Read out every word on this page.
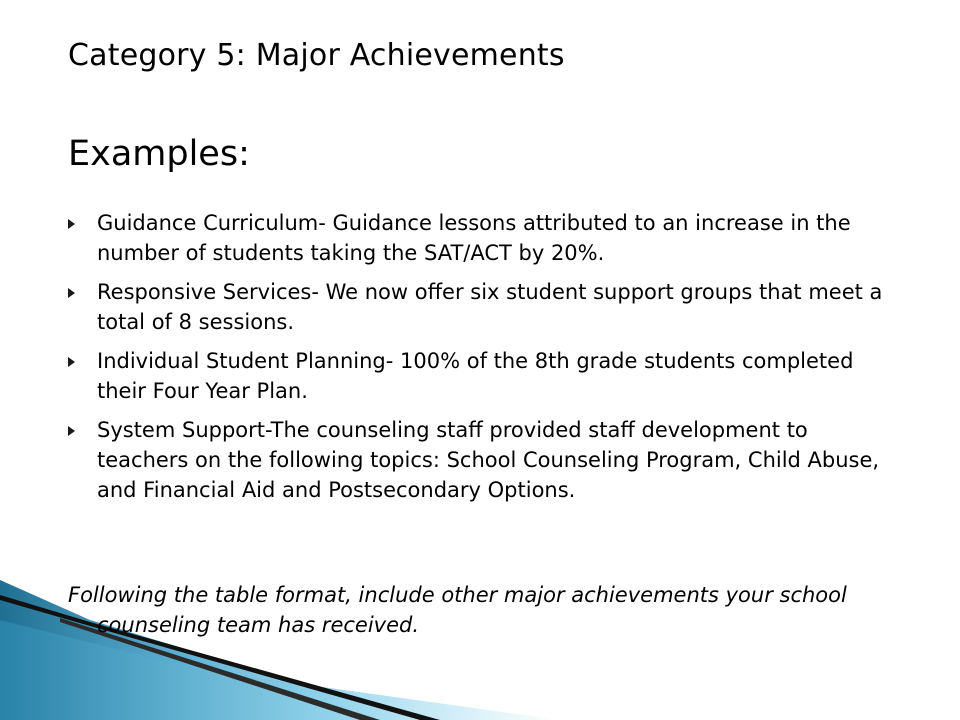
Category 5: Major Achievements
Examples:
Guidance Curriculum- Guidance lessons attributed to an increase in the number of students taking the SAT/ACT by 20%.
Responsive Services- We now offer six student support groups that meet a total of 8 sessions.
Individual Student Planning- 100% of the 8th grade students completed their Four Year Plan.
System Support-The counseling staff provided staff development to teachers on the following topics: School Counseling Program, Child Abuse, and Financial Aid and Postsecondary Options.

Following the table format, include other major achievements your school counseling team has received.
